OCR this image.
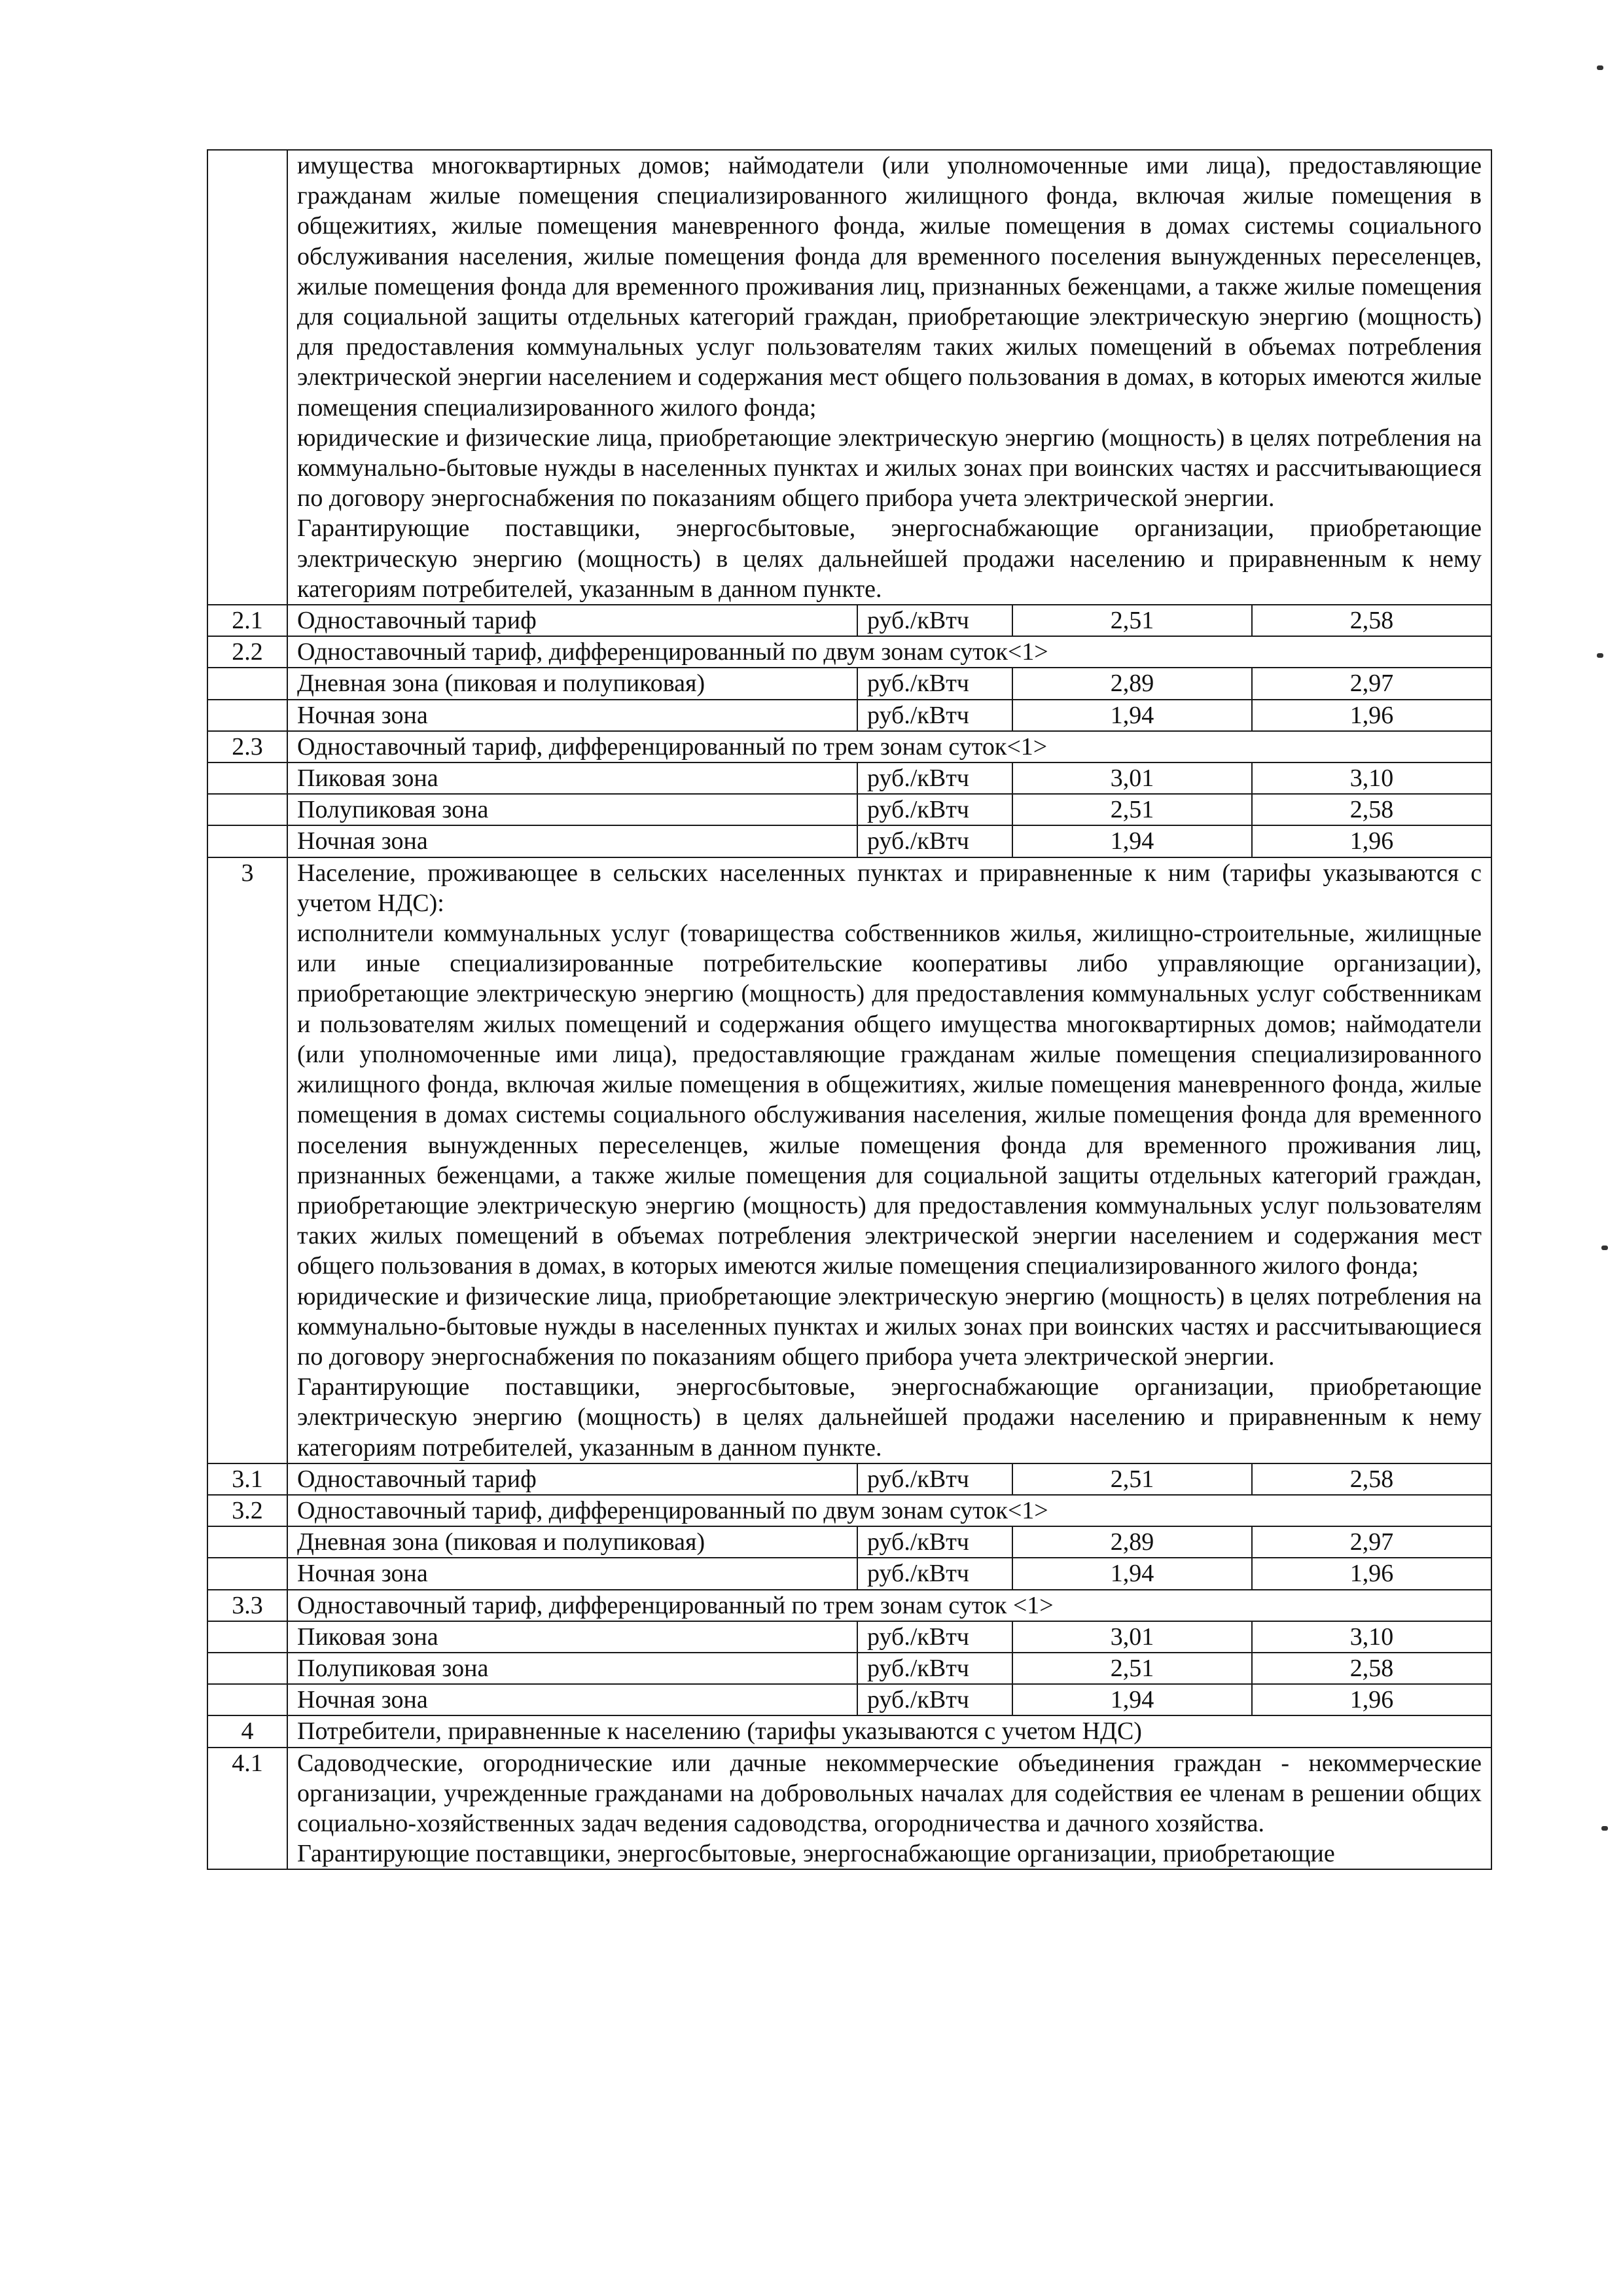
	имущества многоквартирных домов; наймодатели (или уполномоченные ими лица), предоставляющие гражданам жилые помещения специализированного жилищного фонда, включая жилые помещения в общежитиях, жилые помещения маневренного фонда, жилые помещения в домах системы социального обслуживания населения, жилые помещения фонда для временного поселения вынужденных переселенцев, жилые помещения фонда для временного проживания лиц, признанных беженцами, а также жилые помещения для социальной защиты отдельных категорий граждан, приобретающие электрическую энергию (мощность) для предоставления коммунальных услуг пользователям таких жилых помещений в объемах потребления электрической энергии населением и содержания мест общего пользования в домах, в которых имеются жилые помещения специализированного жилого фонда;

юридические и физические лица, приобретающие электрическую энергию (мощность) в целях потребления на коммунально-бытовые нужды в населенных пунктах и жилых зонах при воинских частях и рассчитывающиеся по договору энергоснабжения по показаниям общего прибора учета электрической энергии.

Гарантирующие поставщики, энергосбытовые, энергоснабжающие организации, приобретающие электрическую энергию (мощность) в целях дальнейшей продажи населению и приравненным к нему категориям потребителей, указанным в данном пункте.			

2.1	Одноставочный тариф	руб./кВтч	2,51	2,58
2.2	Одноставочный тариф, дифференцированный по двум зонам суток<1>			
	Дневная зона (пиковая и полупиковая)	руб./кВтч	2,89	2,97
	Ночная зона	руб./кВтч	1,94	1,96
2.3	Одноставочный тариф, дифференцированный по трем зонам суток<1>			
	Пиковая зона	руб./кВтч	3,01	3,10
	Полупиковая зона	руб./кВтч	2,51	2,58
	Ночная зона	руб./кВтч	1,94	1,96
3	Население, проживающее в сельских населенных пунктах и приравненные к ним (тарифы указываются с учетом НДС):

исполнители коммунальных услуг (товарищества собственников жилья, жилищно-строительные, жилищные или иные специализированные потребительские кооперативы либо управляющие организации), приобретающие электрическую энергию (мощность) для предоставления коммунальных услуг собственникам и пользователям жилых помещений и содержания общего имущества многоквартирных домов; наймодатели (или уполномоченные ими лица), предоставляющие гражданам жилые помещения специализированного жилищного фонда, включая жилые помещения в общежитиях, жилые помещения маневренного фонда, жилые помещения в домах системы социального обслуживания населения, жилые помещения фонда для временного поселения вынужденных переселенцев, жилые помещения фонда для временного проживания лиц, признанных беженцами, а также жилые помещения для социальной защиты отдельных категорий граждан, приобретающие электрическую энергию (мощность) для предоставления коммунальных услуг пользователям таких жилых помещений в объемах потребления электрической энергии населением и содержания мест общего пользования в домах, в которых имеются жилые помещения специализированного жилого фонда;

юридические и физические лица, приобретающие электрическую энергию (мощность) в целях потребления на коммунально-бытовые нужды в населенных пунктах и жилых зонах при воинских частях и рассчитывающиеся по договору энергоснабжения по показаниям общего прибора учета электрической энергии.

Гарантирующие поставщики, энергосбытовые, энергоснабжающие организации, приобретающие электрическую энергию (мощность) в целях дальнейшей продажи населению и приравненным к нему категориям потребителей, указанным в данном пункте.			

3.1	Одноставочный тариф	руб./кВтч	2,51	2,58
3.2	Одноставочный тариф, дифференцированный по двум зонам суток<1>			
	Дневная зона (пиковая и полупиковая)	руб./кВтч	2,89	2,97
	Ночная зона	руб./кВтч	1,94	1,96
3.3	Одноставочный тариф, дифференцированный по трем зонам суток <1>			
	Пиковая зона	руб./кВтч	3,01	3,10
	Полупиковая зона	руб./кВтч	2,51	2,58
	Ночная зона	руб./кВтч	1,94	1,96
4	Потребители, приравненные к населению (тарифы указываются с учетом НДС)			
4.1	Садоводческие, огороднические или дачные некоммерческие объединения граждан - некоммерческие организации, учрежденные гражданами на добровольных началах для содействия ее членам в решении общих социально-хозяйственных задач ведения садоводства, огородничества и дачного хозяйства.

Гарантирующие поставщики, энергосбытовые, энергоснабжающие организации, приобретающие			
